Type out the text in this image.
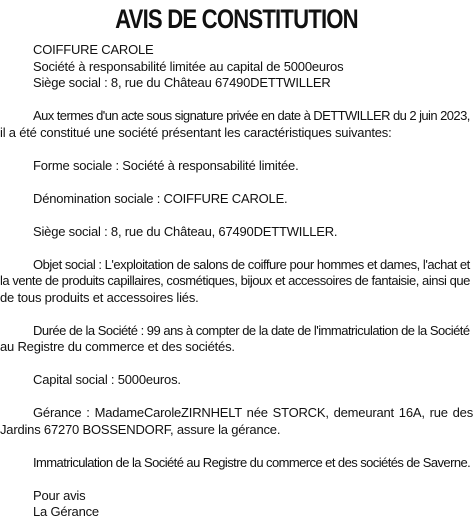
AVIS DE CONSTITUTION
COIFFURE CAROLE
Société à responsabilité limitée au capital de 5000euros
Siège social : 8, rue du Château 67490DETTWILLER
Aux termes d'un acte sous signature privée en date à DETTWILLER du 2 juin 2023,
il a été constitué une société présentant les caractéristiques suivantes:
Forme sociale : Société à responsabilité limitée.
Dénomination sociale : COIFFURE CAROLE.
Siège social : 8, rue du Château, 67490DETTWILLER.
Objet social : L'exploitation de salons de coiffure pour hommes et dames, l'achat et
la vente de produits capillaires, cosmétiques, bijoux et accessoires de fantaisie, ainsi que
de tous produits et accessoires liés.
Durée de la Société : 99 ans à compter de la date de l'immatriculation de la Société
au Registre du commerce et des sociétés.
Capital social : 5000euros.
Gérance : MadameCaroleZIRNHELT née STORCK, demeurant 16A, rue des
Jardins 67270 BOSSENDORF, assure la gérance.
Immatriculation de la Société au Registre du commerce et des sociétés de Saverne.
Pour avis
La Gérance
